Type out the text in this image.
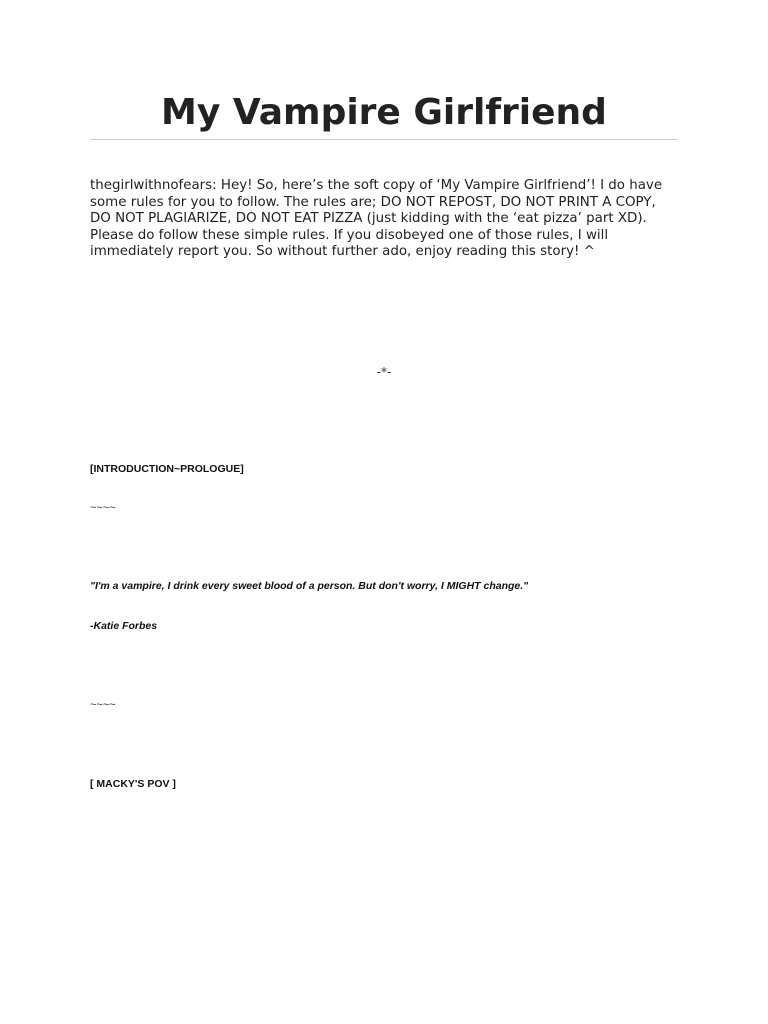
My Vampire Girlfriend

thegirlwithnofears: Hey! So, here’s the soft copy of ‘My Vampire Girlfriend’! I do have some rules for you to follow. The rules are; DO NOT REPOST, DO NOT PRINT A COPY, DO NOT PLAGIARIZE, DO NOT EAT PIZZA (just kidding with the ‘eat pizza’ part XD). Please do follow these simple rules. If you disobeyed one of those rules, I will immediately report you. So without further ado, enjoy reading this story! ^

-*-
[INTRODUCTION~PROLOGUE]
~~~~
"I'm a vampire, I drink every sweet blood of a person. But don't worry, I MIGHT change."
-Katie Forbes
~~~~
[ MACKY'S POV ]
